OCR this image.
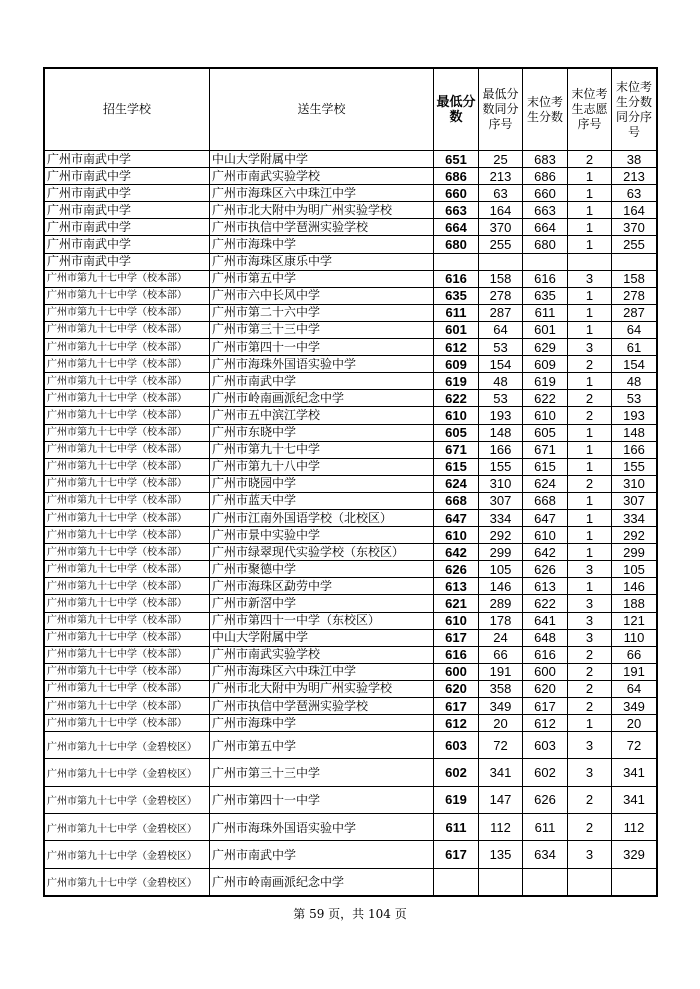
招生学校	送生学校	最低分数	最低分数同分序号	末位考生分数	末位考生志愿序号	末位考生分数同分序号
广州市南武中学	中山大学附属中学	651	25	683	2	38
广州市南武中学	广州市南武实验学校	686	213	686	1	213
广州市南武中学	广州市海珠区六中珠江中学	660	63	660	1	63
广州市南武中学	广州市北大附中为明广州实验学校	663	164	663	1	164
广州市南武中学	广州市执信中学琶洲实验学校	664	370	664	1	370
广州市南武中学	广州市海珠中学	680	255	680	1	255
广州市南武中学	广州市海珠区康乐中学					
广州市第九十七中学（校本部）	广州市第五中学	616	158	616	3	158
广州市第九十七中学（校本部）	广州市六中长风中学	635	278	635	1	278
广州市第九十七中学（校本部）	广州市第二十六中学	611	287	611	1	287
广州市第九十七中学（校本部）	广州市第三十三中学	601	64	601	1	64
广州市第九十七中学（校本部）	广州市第四十一中学	612	53	629	3	61
广州市第九十七中学（校本部）	广州市海珠外国语实验中学	609	154	609	2	154
广州市第九十七中学（校本部）	广州市南武中学	619	48	619	1	48
广州市第九十七中学（校本部）	广州市岭南画派纪念中学	622	53	622	2	53
广州市第九十七中学（校本部）	广州市五中滨江学校	610	193	610	2	193
广州市第九十七中学（校本部）	广州市东晓中学	605	148	605	1	148
广州市第九十七中学（校本部）	广州市第九十七中学	671	166	671	1	166
广州市第九十七中学（校本部）	广州市第九十八中学	615	155	615	1	155
广州市第九十七中学（校本部）	广州市晓园中学	624	310	624	2	310
广州市第九十七中学（校本部）	广州市蓝天中学	668	307	668	1	307
广州市第九十七中学（校本部）	广州市江南外国语学校（北校区）	647	334	647	1	334
广州市第九十七中学（校本部）	广州市景中实验中学	610	292	610	1	292
广州市第九十七中学（校本部）	广州市绿翠现代实验学校（东校区）	642	299	642	1	299
广州市第九十七中学（校本部）	广州市聚德中学	626	105	626	3	105
广州市第九十七中学（校本部）	广州市海珠区勐劳中学	613	146	613	1	146
广州市第九十七中学（校本部）	广州市新滘中学	621	289	622	3	188
广州市第九十七中学（校本部）	广州市第四十一中学（东校区）	610	178	641	3	121
广州市第九十七中学（校本部）	中山大学附属中学	617	24	648	3	110
广州市第九十七中学（校本部）	广州市南武实验学校	616	66	616	2	66
广州市第九十七中学（校本部）	广州市海珠区六中珠江中学	600	191	600	2	191
广州市第九十七中学（校本部）	广州市北大附中为明广州实验学校	620	358	620	2	64
广州市第九十七中学（校本部）	广州市执信中学琶洲实验学校	617	349	617	2	349
广州市第九十七中学（校本部）	广州市海珠中学	612	20	612	1	20
广州市第九十七中学（金碧校区）	广州市第五中学	603	72	603	3	72
广州市第九十七中学（金碧校区）	广州市第三十三中学	602	341	602	3	341
广州市第九十七中学（金碧校区）	广州市第四十一中学	619	147	626	2	341
广州市第九十七中学（金碧校区）	广州市海珠外国语实验中学	611	112	611	2	112
广州市第九十七中学（金碧校区）	广州市南武中学	617	135	634	3	329
广州市第九十七中学（金碧校区）	广州市岭南画派纪念中学					
第 59 页，共 104 页
